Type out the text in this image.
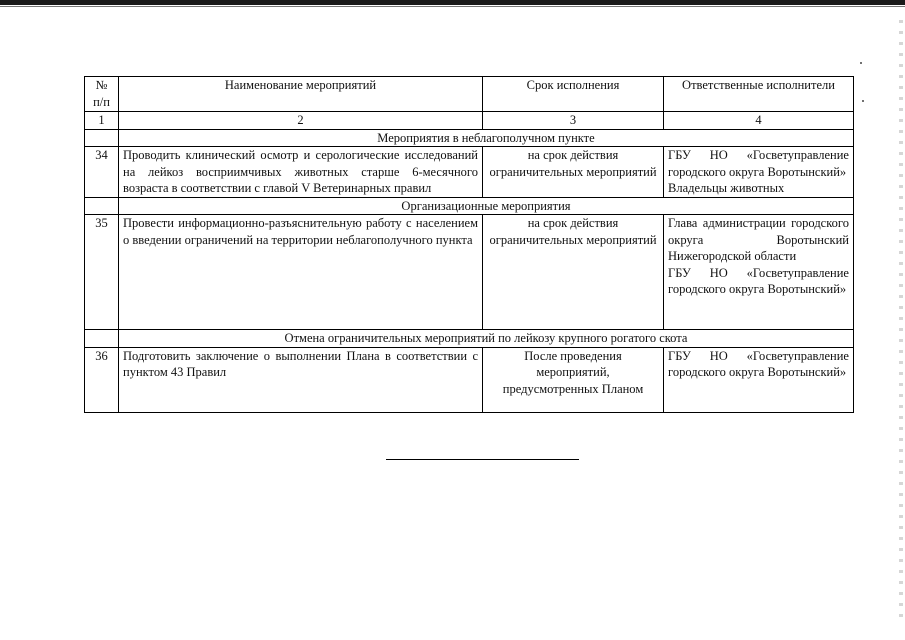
№ п/п	Наименование мероприятий	Срок исполнения	Ответственные исполнители
1	2	3	4
	Мероприятия в неблагополучном пункте		
34	Проводить клинический осмотр и серологические исследований на лейкоз восприимчивых животных старше 6-месячного возраста в соответствии с главой V Ветеринарных правил	на срок действия ограничительных мероприятий	ГБУ НО «Госветуправление городского округа Воротынский»
Владельцы животных

	Организационные мероприятия		
35	Провести информационно-разъяснительную работу с населением о введении ограничений на территории неблагополучного пункта	на срок действия ограничительных мероприятий	Глава администрации городского округа Воротынский Нижегородской области
ГБУ НО «Госветуправление городского округа Воротынский»

	Отмена ограничительных мероприятий по лейкозу крупного рогатого скота		
36	Подготовить заключение о выполнении Плана в соответствии с пунктом 43 Правил	После проведения мероприятий, предусмотренных Планом	ГБУ НО «Госветуправление городского округа Воротынский»
